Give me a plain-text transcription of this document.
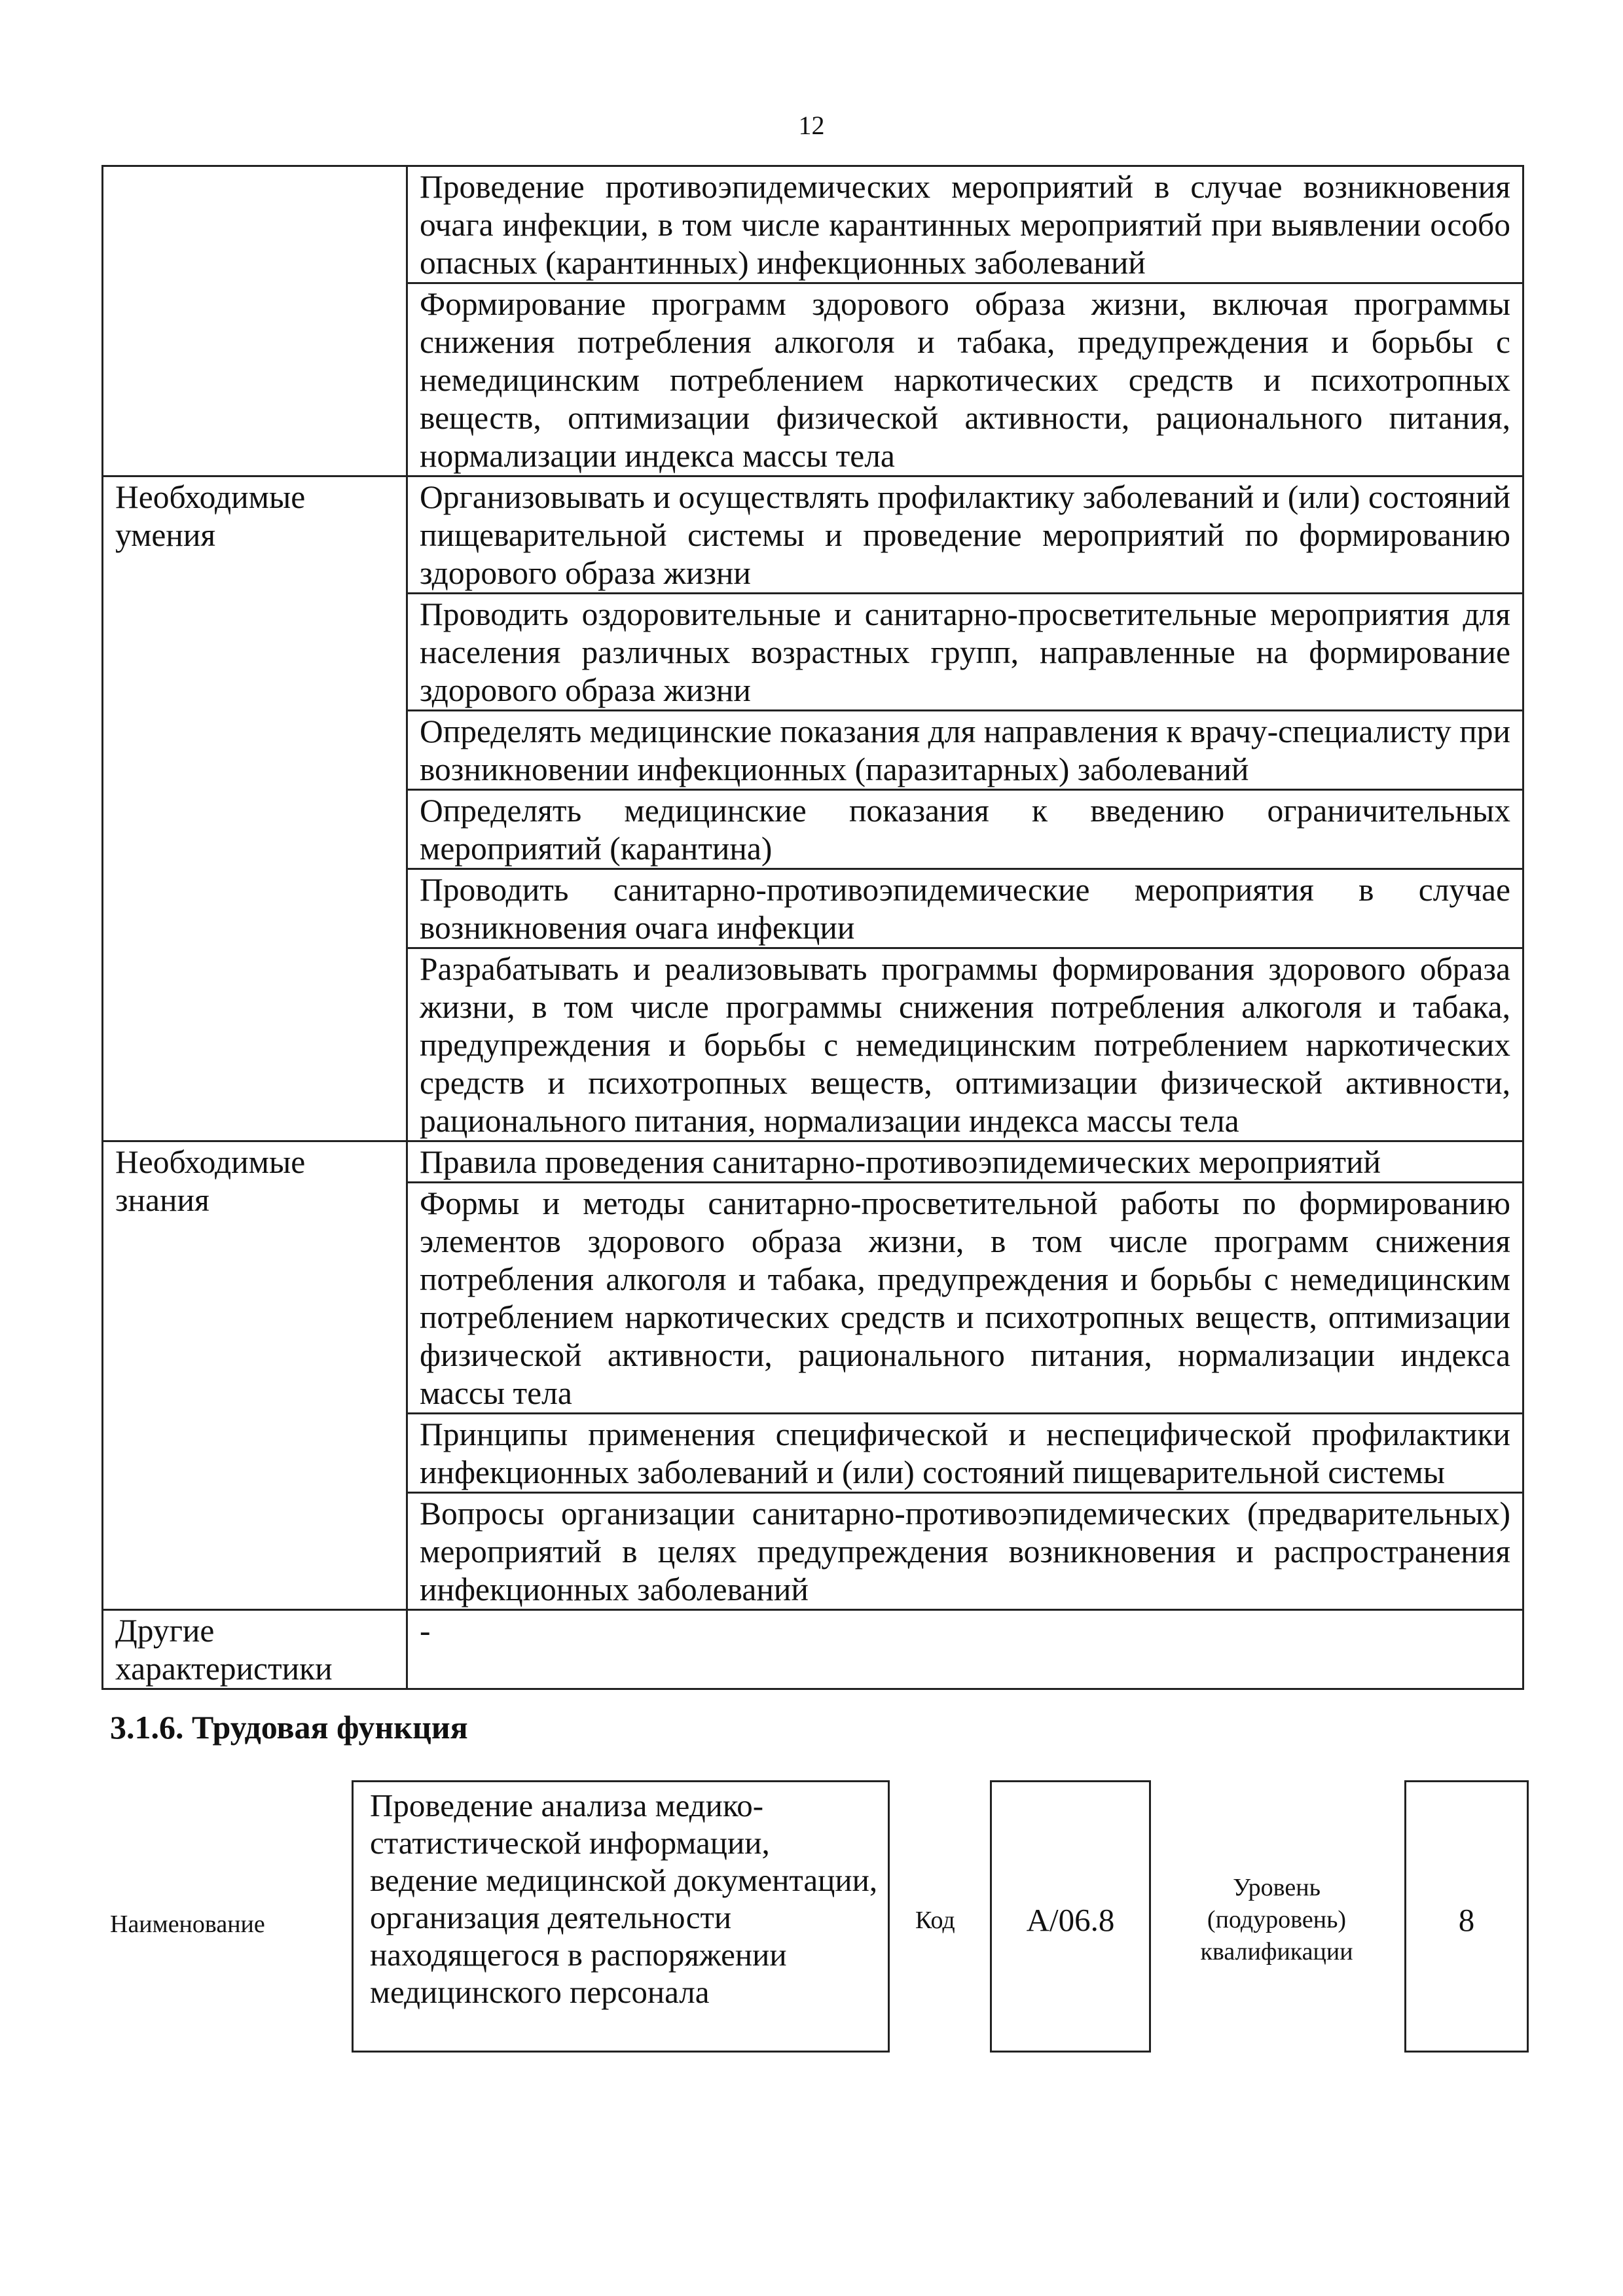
12
	Проведение противоэпидемических мероприятий в случае возникновения очага инфекции, в том числе карантинных мероприятий при выявлении особо опасных (карантинных) инфекционных заболеваний
	Формирование программ здорового образа жизни, включая программы снижения потребления алкоголя и табака, предупреждения и борьбы с немедицинским потреблением наркотических средств и психотропных веществ, оптимизации физической активности, рационального питания, нормализации индекса массы тела
Необходимые умения	Организовывать и осуществлять профилактику заболеваний и (или) состояний пищеварительной системы и проведение мероприятий по формированию здорового образа жизни
	Проводить оздоровительные и санитарно-просветительные мероприятия для населения различных возрастных групп, направленные на формирование здорового образа жизни
	Определять медицинские показания для направления к врачу-специалисту при возникновении инфекционных (паразитарных) заболеваний
	Определять медицинские показания к введению ограничительных мероприятий (карантина)
	Проводить санитарно-противоэпидемические мероприятия в случае возникновения очага инфекции
	Разрабатывать и реализовывать программы формирования здорового образа жизни, в том числе программы снижения потребления алкоголя и табака, предупреждения и борьбы с немедицинским потреблением наркотических средств и психотропных веществ, оптимизации физической активности, рационального питания, нормализации индекса массы тела
Необходимые знания	Правила проведения санитарно-противоэпидемических мероприятий
	Формы и методы санитарно-просветительной работы по формированию элементов здорового образа жизни, в том числе программ снижения потребления алкоголя и табака, предупреждения и борьбы с немедицинским потреблением наркотических средств и психотропных веществ, оптимизации физической активности, рационального питания, нормализации индекса массы тела
	Принципы применения специфической и неспецифической профилактики инфекционных заболеваний и (или) состояний пищеварительной системы
	Вопросы организации санитарно-противоэпидемических (предварительных) мероприятий в целях предупреждения возникновения и распространения инфекционных заболеваний
Другие характеристики	-
3.1.6. Трудовая функция
Наименование
Проведение анализа медико-статистической информации, ведение медицинской документации, организация деятельности находящегося в распоряжении медицинского персонала
Код	A/06.8
Уровень (подуровень) квалификации
8
